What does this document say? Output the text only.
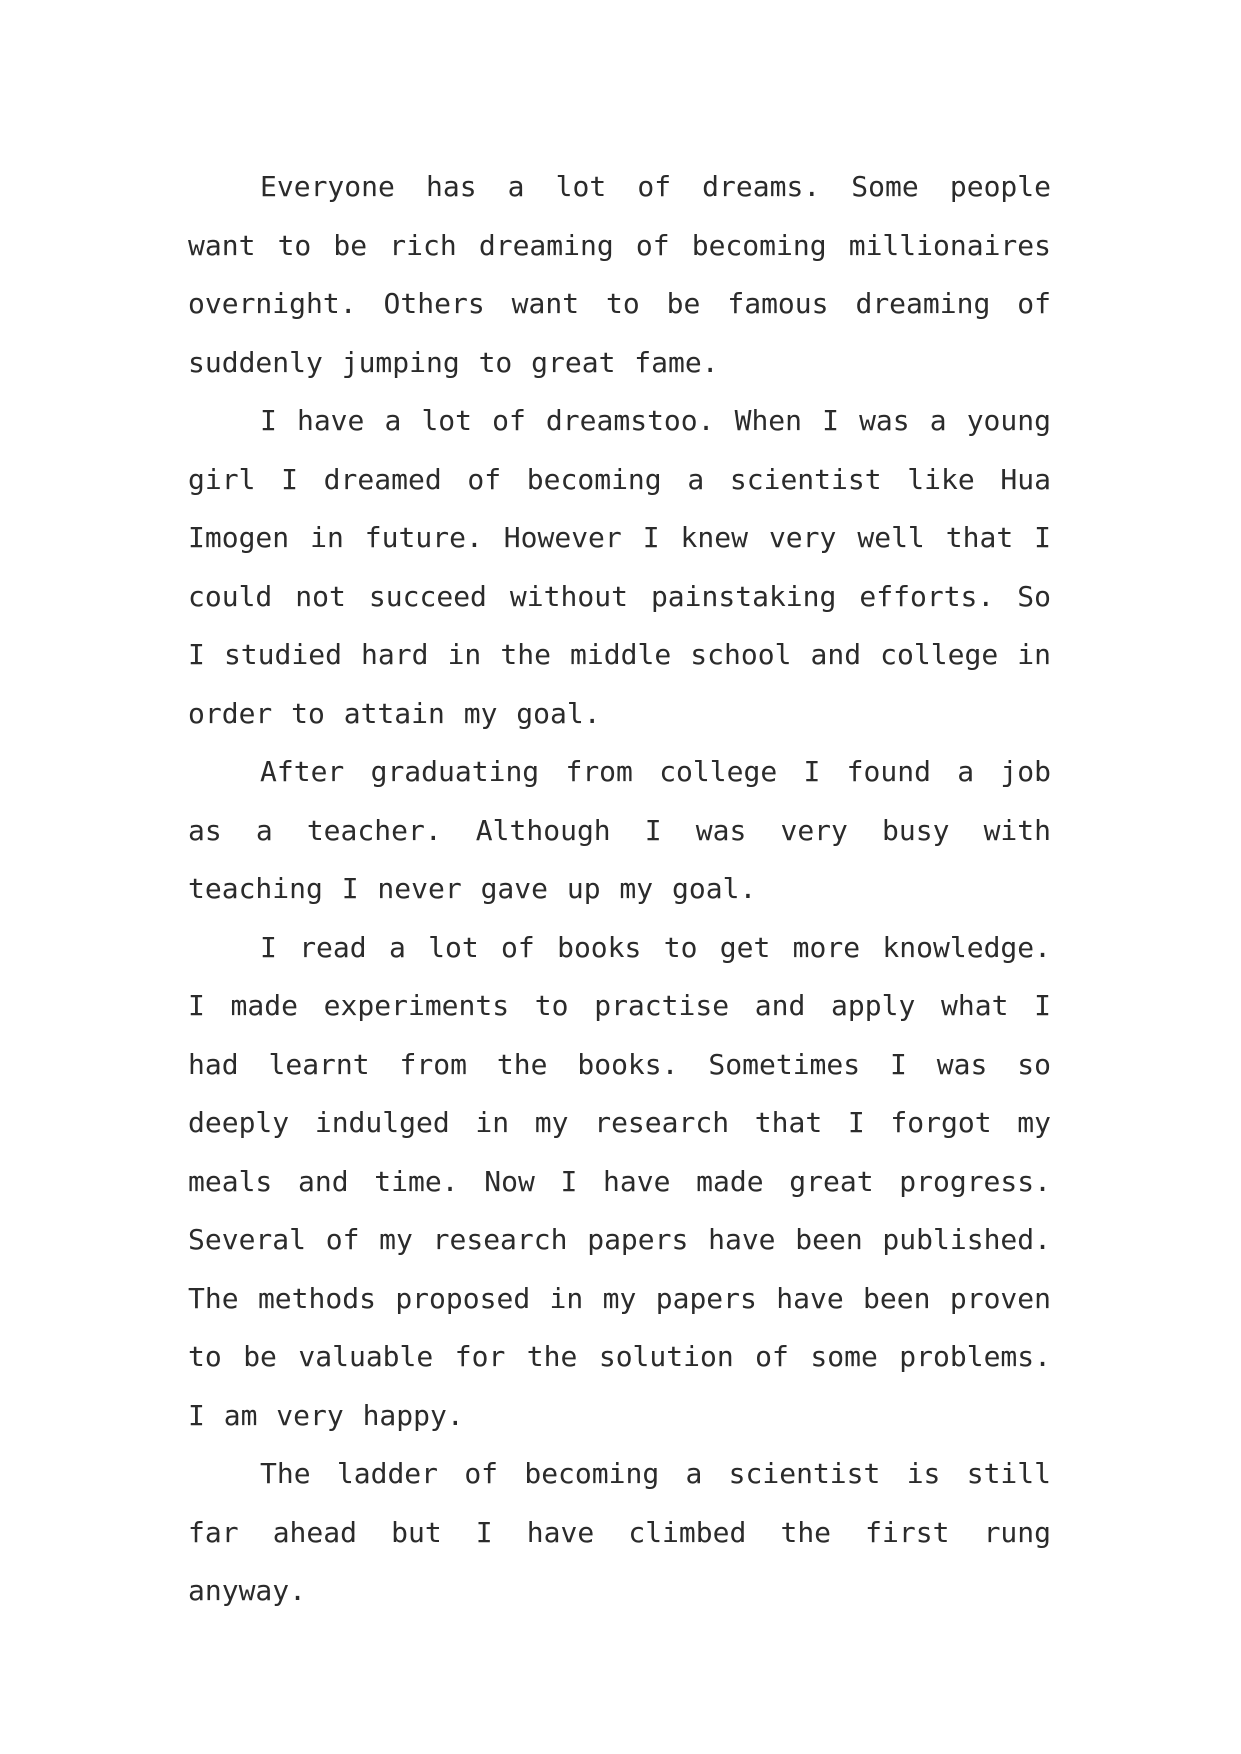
Everyone has a lot of dreams. Some people want to be rich dreaming of becoming millionaires overnight. Others want to be famous dreaming of suddenly jumping to great fame.

I have a lot of dreamstoo. When I was a young girl I dreamed of becoming a scientist like Hua Imogen in future. However I knew very well that I could not succeed without painstaking efforts. So I studied hard in the middle school and college in order to attain my goal.

After graduating from college I found a job as a teacher. Although I was very busy with teaching I never gave up my goal.

I read a lot of books to get more knowledge. I made experiments to practise and apply what I had learnt from the books. Sometimes I was so deeply indulged in my research that I forgot my meals and time. Now I have made great progress. Several of my research papers have been published. The methods proposed in my papers have been proven to be valuable for the solution of some problems. I am very happy.

The ladder of becoming a scientist is still far ahead but I have climbed the first rung anyway.
